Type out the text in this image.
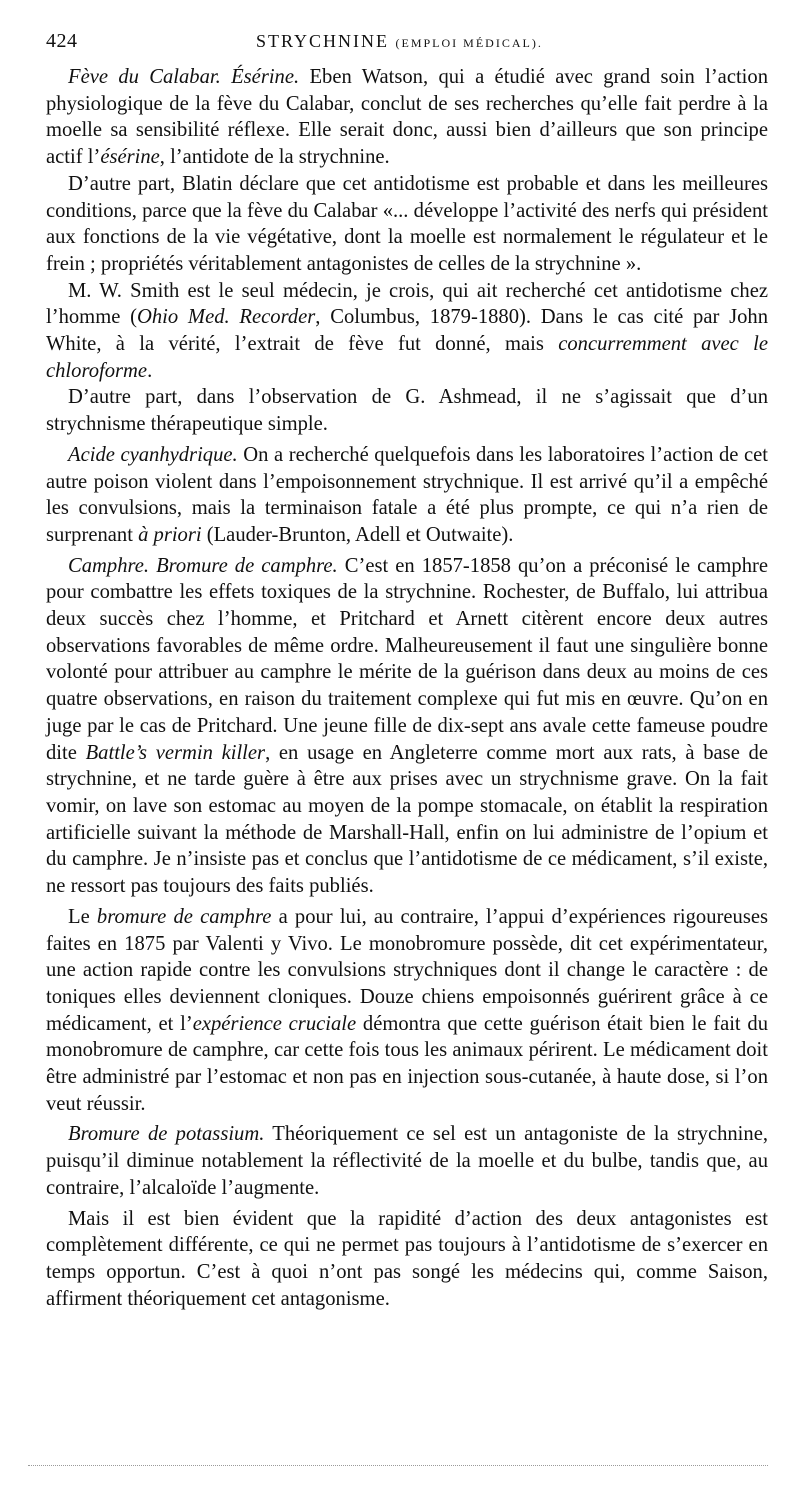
424	STRYCHNINE (EMPLOI MÉDICAL).

Fève du Calabar. Ésérine. Eben Watson, qui a étudié avec grand soin l’action physiologique de la fève du Calabar, conclut de ses recherches qu’elle fait perdre à la moelle sa sensibilité réflexe. Elle serait donc, aussi bien d’ailleurs que son principe actif l’ésérine, l’antidote de la strychnine.

D’autre part, Blatin déclare que cet antidotisme est probable et dans les meilleures conditions, parce que la fève du Calabar «... développe l’activité des nerfs qui président aux fonctions de la vie végétative, dont la moelle est normalement le régulateur et le frein ; propriétés véritablement antagonistes de celles de la strychnine ».

M. W. Smith est le seul médecin, je crois, qui ait recherché cet antidotisme chez l’homme (Ohio Med. Recorder, Columbus, 1879-1880). Dans le cas cité par John White, à la vérité, l’extrait de fève fut donné, mais concurremment avec le chloroforme.

D’autre part, dans l’observation de G. Ashmead, il ne s’agissait que d’un strychnisme thérapeutique simple.

Acide cyanhydrique. On a recherché quelquefois dans les laboratoires l’action de cet autre poison violent dans l’empoisonnement strychnique. Il est arrivé qu’il a empêché les convulsions, mais la terminaison fatale a été plus prompte, ce qui n’a rien de surprenant à priori (Lauder-Brunton, Adell et Outwaite).

Camphre. Bromure de camphre. C’est en 1857-1858 qu’on a préconisé le camphre pour combattre les effets toxiques de la strychnine. Rochester, de Buffalo, lui attribua deux succès chez l’homme, et Pritchard et Arnett citèrent encore deux autres observations favorables de même ordre. Malheureusement il faut une singulière bonne volonté pour attribuer au camphre le mérite de la guérison dans deux au moins de ces quatre observations, en raison du traitement complexe qui fut mis en œuvre. Qu’on en juge par le cas de Pritchard. Une jeune fille de dix-sept ans avale cette fameuse poudre dite Battle’s vermin killer, en usage en Angleterre comme mort aux rats, à base de strychnine, et ne tarde guère à être aux prises avec un strychnisme grave. On la fait vomir, on lave son estomac au moyen de la pompe stomacale, on établit la respiration artificielle suivant la méthode de Marshall-Hall, enfin on lui administre de l’opium et du camphre. Je n’insiste pas et conclus que l’antidotisme de ce médicament, s’il existe, ne ressort pas toujours des faits publiés.

Le bromure de camphre a pour lui, au contraire, l’appui d’expériences rigoureuses faites en 1875 par Valenti y Vivo. Le monobromure possède, dit cet expérimentateur, une action rapide contre les convulsions strychniques dont il change le caractère : de toniques elles deviennent cloniques. Douze chiens empoisonnés guérirent grâce à ce médicament, et l’expérience cruciale démontra que cette guérison était bien le fait du monobromure de camphre, car cette fois tous les animaux périrent. Le médicament doit être administré par l’estomac et non pas en injection sous-cutanée, à haute dose, si l’on veut réussir.

Bromure de potassium. Théoriquement ce sel est un antagoniste de la strychnine, puisqu’il diminue notablement la réflectivité de la moelle et du bulbe, tandis que, au contraire, l’alcaloïde l’augmente.

Mais il est bien évident que la rapidité d’action des deux antagonistes est complètement différente, ce qui ne permet pas toujours à l’antidotisme de s’exercer en temps opportun. C’est à quoi n’ont pas songé les médecins qui, comme Saison, affirment théoriquement cet antagonisme.
